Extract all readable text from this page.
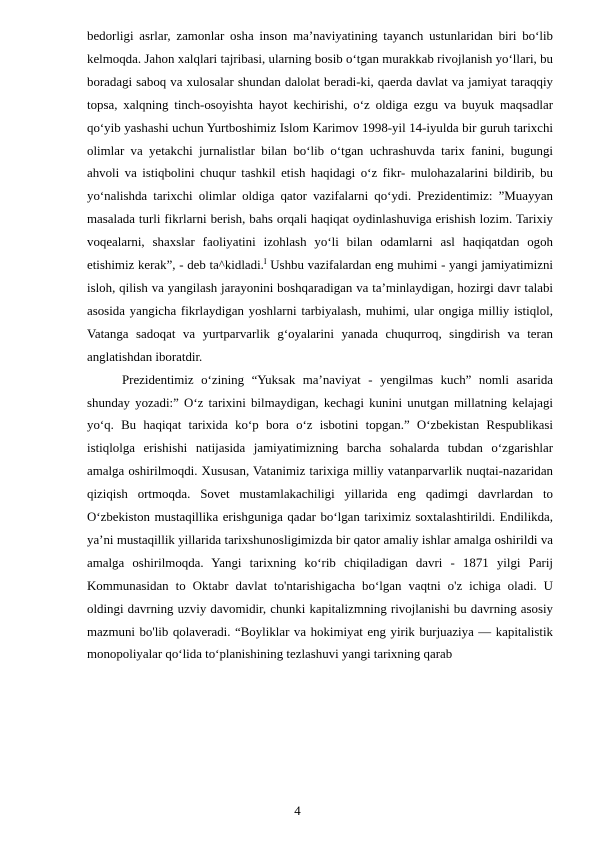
bedorligi asrlar, zamonlar osha inson ma’naviyatining tayanch ustunlaridan biri bo‘lib kelmoqda. Jahon xalqlari tajribasi, ularning bosib o‘tgan murakkab rivojlanish yo‘llari, bu boradagi saboq va xulosalar shundan dalolat beradi-ki, qaerda davlat va jamiyat taraqqiy topsa, xalqning tinch-osoyishta hayot kechirishi, o‘z oldiga ezgu va buyuk maqsadlar qo‘yib yashashi uchun Yurtboshimiz Islom Karimov 1998-yil 14-iyulda bir guruh tarixchi olimlar va yetakchi jurnalistlar bilan bo‘lib o‘tgan uchrashuvda tarix fanini, bugungi ahvoli va istiqbolini chuqur tashkil etish haqidagi o‘z fikr- mulohazalarini bildirib, bu yo‘nalishda tarixchi olimlar oldiga qator vazifalarni qo‘ydi. Prezidentimiz: ”Muayyan masalada turli fikrlarni berish, bahs orqali haqiqat oydinlashuviga erishish lozim. Tarixiy voqealarni, shaxslar faoliyatini izohlash yo‘li bilan odamlarni asl haqiqatdan ogoh etishimiz kerak”, - deb ta^kidladi.$^I$ Ushbu vazifalardan eng muhimi - yangi jamiyatimizni isloh, qilish va yangilash jarayonini boshqaradigan va ta’minlaydigan, hozirgi davr talabi asosida yangicha fikrlaydigan yoshlarni tarbiyalash, muhimi, ular ongiga milliy istiqlol, Vatanga sadoqat va yurtparvarlik g‘oyalarini yanada chuqurroq, singdirish va teran anglatishdan iboratdir.

Prezidentimiz o‘zining “Yuksak ma’naviyat - yengilmas kuch” nomli asarida shunday yozadi:” O‘z tarixini bilmaydigan, kechagi kunini unutgan millatning kelajagi yo‘q. Bu haqiqat tarixida ko‘p bora o‘z isbotini topgan.” O‘zbekistan Respublikasi istiqlolga erishishi natijasida jamiyatimizning barcha sohalarda tubdan o‘zgarishlar amalga oshirilmoqdi. Xususan, Vatanimiz tarixiga milliy vatanparvarlik nuqtai-nazaridan qiziqish ortmoqda. Sovet mustamlakachiligi yillarida eng qadimgi davrlardan to O‘zbekiston mustaqillika erishguniga qadar bo‘lgan tariximiz soxtalashtirildi. Endilikda, ya’ni mustaqillik yillarida tarixshunosligimizda bir qator amaliy ishlar amalga oshirildi va amalga oshirilmoqda. Yangi tarixning ko‘rib chiqiladigan davri - 1871 yilgi Parij Kommunasidan to Oktabr davlat to'ntarishigacha bo‘lgan vaqtni o'z ichiga oladi. U oldingi davrning uzviy davomidir, chunki kapitalizmning rivojlanishi bu davrning asosiy mazmuni bo'lib qolaveradi. “Boyliklar va hokimiyat eng yirik burjuaziya — kapitalistik monopoliyalar qo‘lida to‘planishining tezlashuvi yangi tarixning qarab

4
